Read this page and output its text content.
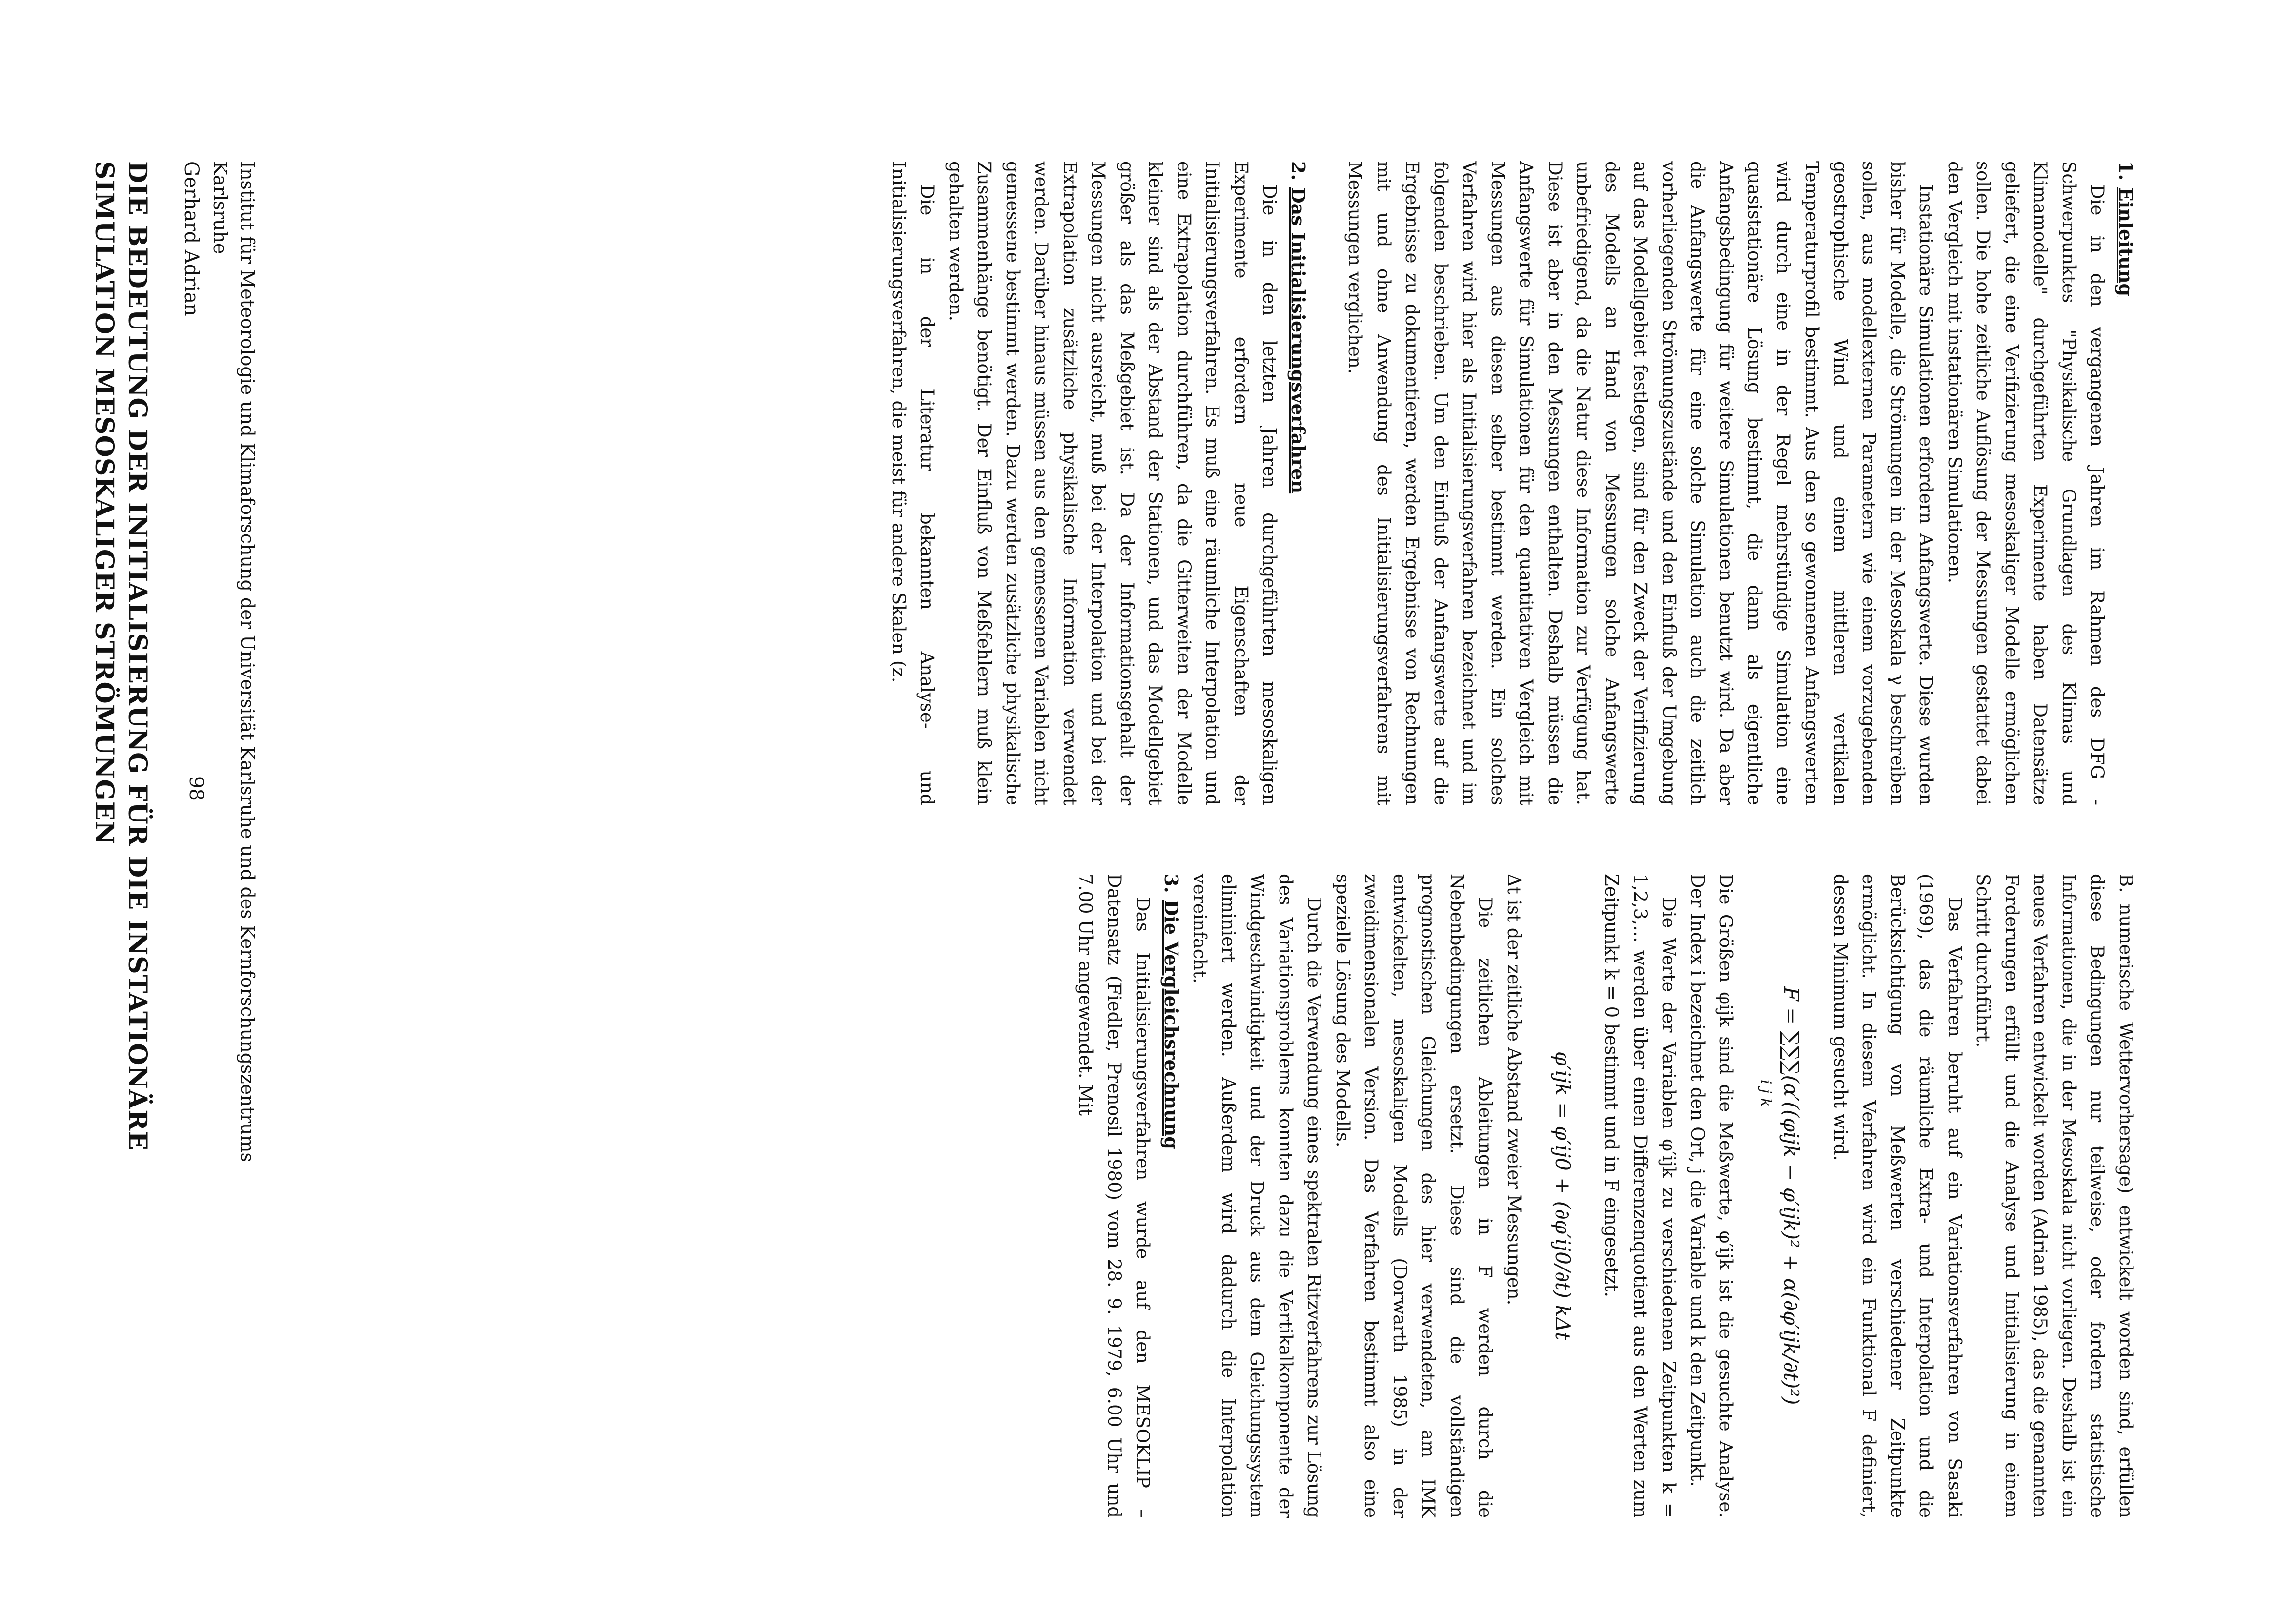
DIE BEDEUTUNG DER INITIALISIERUNG FÜR DIE INSTATIONÄRE
SIMULATION MESOSKALIGER STRÖMUNGEN	Gerhard Adrian	Institut für Meteorologie und Klimaforschung der Universität Karlsruhe und des Kernforschungszentrums
Karlsruhe	1.Einleitung

Die in den vergangenen Jahren im Rahmen des DFG - Schwerpunktes "Physikalische Grundlagen des Klimas und Klimamodelle" durchgeführten Experimente haben Datensätze geliefert, die eine Verifizierung mesoskaliger Modelle ermöglichen sollen. Die hohe zeitliche Auflösung der Messungen gestattet dabei den Vergleich mit instationären Simulationen.

Instationäre Simulationen erfordern Anfangswerte. Diese wurden bisher für Modelle, die Strömungen in der Mesoskala γ beschreiben sollen, aus modellexternen Parametern wie einem vorzugebenden geostrophische Wind und einem mittleren vertikalen Temperaturprofil bestimmt. Aus den so gewonnenen Anfangswerten wird durch eine in der Regel mehrstündige Simulation eine quasistationäre Lösung bestimmt, die dann als eigentliche Anfangsbedingung für weitere Simulationen benutzt wird. Da aber die Anfangswerte für eine solche Simulation auch die zeitlich vorherliegenden Strömungszustände und den Einfluß der Umgebung auf das Modellgebiet festlegen, sind für den Zweck der Verifizierung des Modells an Hand von Messungen solche Anfangswerte unbefriedigend, da die Natur diese Information zur Verfügung hat. Diese ist aber in den Messungen enthalten. Deshalb müssen die Anfangswerte für Simulationen für den quantitativen Vergleich mit Messungen aus diesen selber bestimmt werden. Ein solches Verfahren wird hier als Initialisierungsverfahren bezeichnet und im folgenden beschrieben. Um den Einfluß der Anfangswerte auf die Ergebnisse zu dokumentieren, werden Ergebnisse von Rechnungen mit und ohne Anwendung des Initialisierungsverfahrens mit Messungen verglichen.

2.Das Initialisierungsverfahren

Die in den letzten Jahren durchgeführten mesoskaligen Experimente erfordern neue Eigenschaften der Initialisierungsverfahren. Es muß eine räumliche Interpolation und eine Extrapolation durchführen, da die Gitterweiten der Modelle kleiner sind als der Abstand der Stationen, und das Modellgebiet größer als das Meßgebiet ist. Da der Informationsgehalt der Messungen nicht ausreicht, muß bei der Interpolation und bei der Extrapolation zusätzliche physikalische Information verwendet werden. Darüber hinaus müssen aus den gemessenen Variablen nicht gemessene bestimmt werden. Dazu werden zusätzliche physikalische Zusammenhänge benötigt. Der Einfluß von Meßfehlern muß klein gehalten werden.

Die in der Literatur bekannten Analyse- und Initialisierungsverfahren, die meist für andere Skalen (z.

B. numerische Wettervorhersage) entwickelt worden sind, erfüllen diese Bedingungen nur teilweise, oder fordern statistische Informationen, die in der Mesoskala nicht vorliegen. Deshalb ist ein neues Verfahren entwickelt worden (Adrian 1985), das die genannten Forderungen erfüllt und die Analyse und Initialisierung in einem Schritt durchführt.

Das Verfahren beruht auf ein Variationsverfahren von Sasaki (1969), das die räumliche Extra- und Interpolation und die Berücksichtigung von Meßwerten verschiedener Zeitpunkte ermöglicht. In diesem Verfahren wird ein Funktional F definiert, dessen Minimum gesucht wird.

F = ∑∑∑(α′((φijk − φ′ijk)² + α(∂φ′ijk/∂t)²)
i j k

Die Größen φijk sind die Meßwerte, φ′ijk ist die gesuchte Analyse. Der Index i bezeichnet den Ort, j die Variable und k den Zeitpunkt.

Die Werte der Variablen φ′ijk zu verschiedenen Zeitpunkten k = 1,2,3,... werden über einen Differenzenquotient aus den Werten zum Zeitpunkt k = 0 bestimmt und in F eingesetzt.

φ′ijk = φ′ij0 + (∂φ′ij0/∂t) kΔt

Δt ist der zeitliche Abstand zweier Messungen.

Die zeitlichen Ableitungen in F werden durch die Nebenbedingungen ersetzt. Diese sind die vollständigen prognostischen Gleichungen des hier verwendeten, am IMK entwickelten, mesoskaligen Modells (Dorwarth 1985) in der zweidimensionalen Version. Das Verfahren bestimmt also eine spezielle Lösung des Modells.

Durch die Verwendung eines spektralen Ritzverfahrens zur Lösung des Variationsproblems konnten dazu die Vertikalkomponente der Windgeschwindigkeit und der Druck aus dem Gleichungssystem eliminiert werden. Außerdem wird dadurch die Interpolation vereinfacht.

3.Die Vergleichsrechnung

Das Initialisierungsverfahren wurde auf den MESOKLIP – Datensatz (Fiedler, Prenosil 1980) vom 28. 9. 1979, 6.00 Uhr und 7.00 Uhr angewendet. Mit

98
